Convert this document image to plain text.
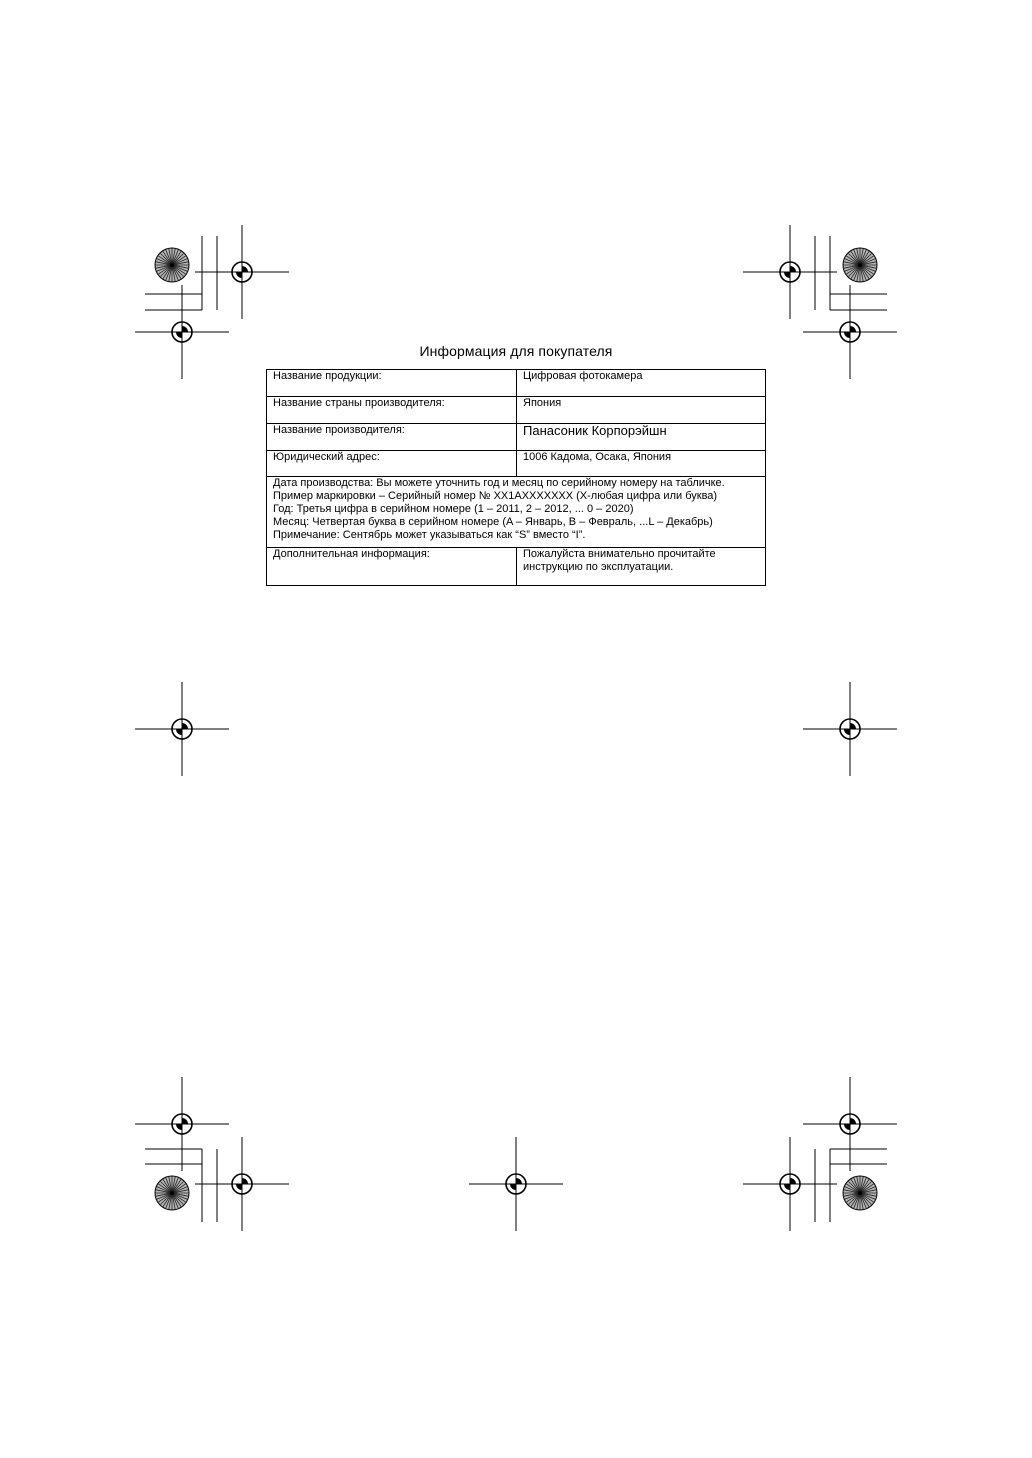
Информация для покупателя
Название продукции:	Цифровая фотокамера
Название страны производителя:	Япония
Название производителя:	Панасоник Корпорэйшн
Юридический адрес:	1006 Кадома, Осака, Япония

Дата производства: Вы можете уточнить год и месяц по серийному номеру на табличке.
Пример маркировки – Серийный номер № XX1AXXXXXXX (X-любая цифра или буква)
Год: Третья цифра в серийном номере (1 – 2011, 2 – 2012, ... 0 – 2020)
Месяц: Четвертая буква в серийном номере (A – Январь, B – Февраль, ...L – Декабрь)
Примечание: Сентябрь может указываться как “S” вместо “I”.	

Дополнительная информация:	Пожалуйста внимательно прочитайте инструкцию по эксплуатации.
